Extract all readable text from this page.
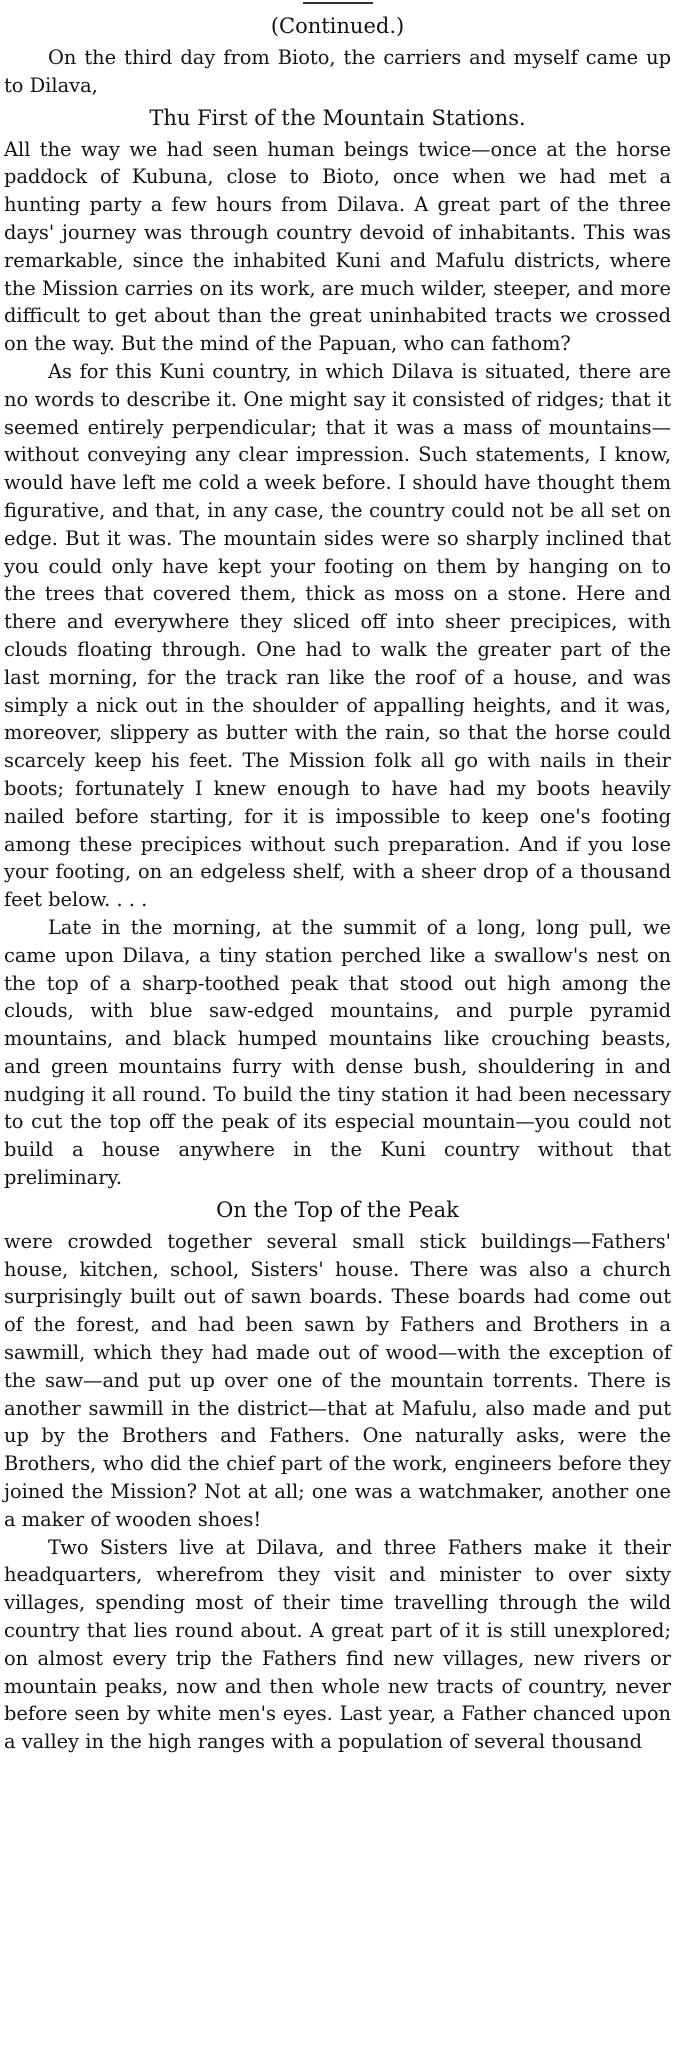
(Continued.)

On the third day from Bioto, the carriers and myself came up to Dilava,

Thu First of the Mountain Stations.

All the way we had seen human beings twice—once at the horse paddock of Kubuna, close to Bioto, once when we had met a hunting party a few hours from Dilava. A great part of the three days' journey was through country devoid of inhabitants. This was remarkable, since the inhabited Kuni and Mafulu districts, where the Mission carries on its work, are much wilder, steeper, and more difficult to get about than the great uninhabited tracts we crossed on the way. But the mind of the Papuan, who can fathom?

As for this Kuni country, in which Dilava is situated, there are no words to describe it. One might say it consisted of ridges; that it seemed entirely perpendicular; that it was a mass of mountains—without conveying any clear impression. Such statements, I know, would have left me cold a week before. I should have thought them figurative, and that, in any case, the country could not be all set on edge. But it was. The mountain sides were so sharply inclined that you could only have kept your footing on them by hanging on to the trees that covered them, thick as moss on a stone. Here and there and everywhere they sliced off into sheer precipices, with clouds floating through. One had to walk the greater part of the last morning, for the track ran like the roof of a house, and was simply a nick out in the shoulder of appalling heights, and it was, moreover, slippery as butter with the rain, so that the horse could scarcely keep his feet. The Mission folk all go with nails in their boots; fortunately I knew enough to have had my boots heavily nailed before starting, for it is impossible to keep one's footing among these precipices without such preparation. And if you lose your footing, on an edgeless shelf, with a sheer drop of a thousand feet below. . . .

Late in the morning, at the summit of a long, long pull, we came upon Dilava, a tiny station perched like a swallow's nest on the top of a sharp-toothed peak that stood out high among the clouds, with blue saw-edged mountains, and purple pyramid mountains, and black humped mountains like crouching beasts, and green mountains furry with dense bush, shouldering in and nudging it all round. To build the tiny station it had been necessary to cut the top off the peak of its especial mountain—you could not build a house anywhere in the Kuni country without that preliminary.

On the Top of the Peak

were crowded together several small stick buildings—Fathers' house, kitchen, school, Sisters' house. There was also a church surprisingly built out of sawn boards. These boards had come out of the forest, and had been sawn by Fathers and Brothers in a sawmill, which they had made out of wood—with the exception of the saw—and put up over one of the mountain torrents. There is another sawmill in the district—that at Mafulu, also made and put up by the Brothers and Fathers. One naturally asks, were the Brothers, who did the chief part of the work, engineers before they joined the Mission? Not at all; one was a watchmaker, another one a maker of wooden shoes!

Two Sisters live at Dilava, and three Fathers make it their headquarters, wherefrom they visit and minister to over sixty villages, spending most of their time travelling through the wild country that lies round about. A great part of it is still unexplored; on almost every trip the Fathers find new villages, new rivers or mountain peaks, now and then whole new tracts of country, never before seen by white men's eyes. Last year, a Father chanced upon a valley in the high ranges with a population of several thousand
